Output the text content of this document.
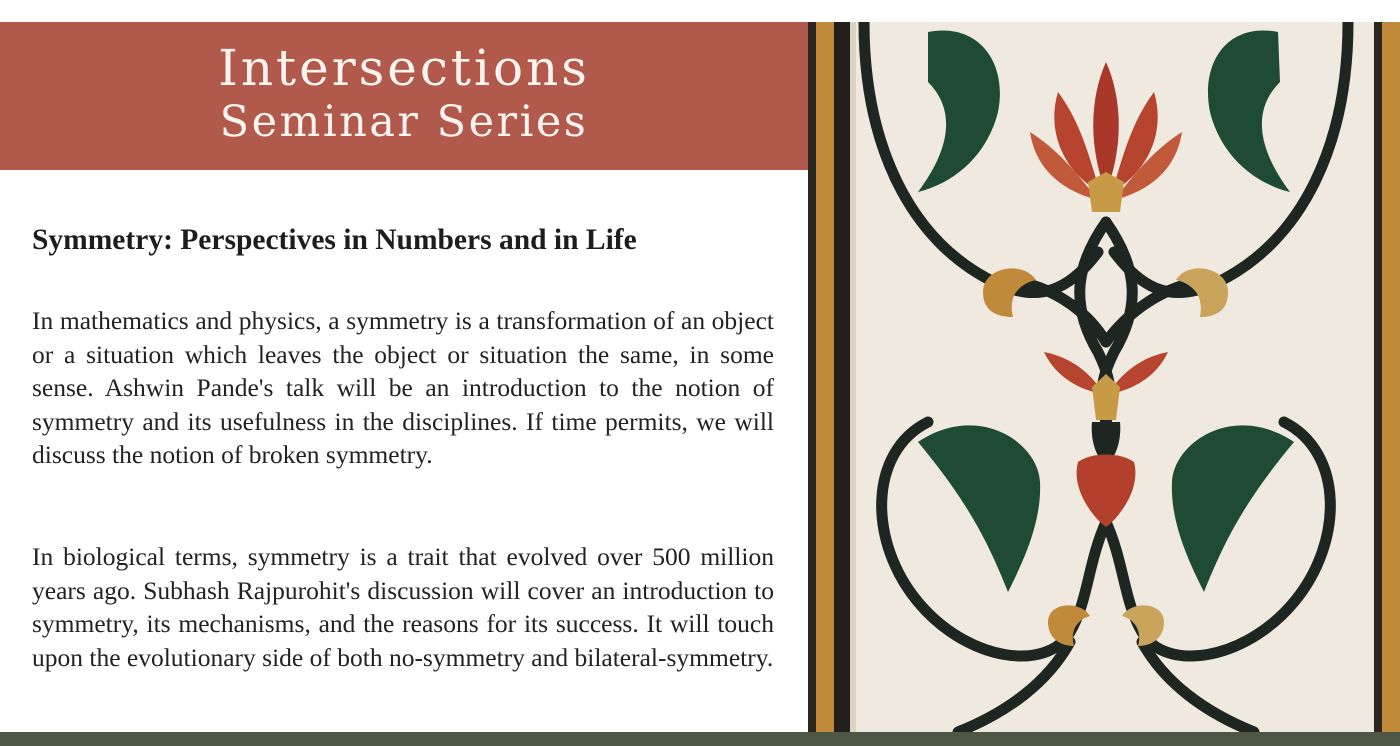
Intersections
Seminar Series
Symmetry: Perspectives in Numbers and in Life

In mathematics and physics, a symmetry is a transformation of an object or a situation which leaves the object or situation the same, in some sense. Ashwin Pande's talk will be an introduction to the notion of symmetry and its usefulness in the disciplines. If time permits, we will discuss the notion of broken symmetry.

In biological terms, symmetry is a trait that evolved over 500 million years ago. Subhash Rajpurohit's discussion will cover an introduction to symmetry, its mechanisms, and the reasons for its success. It will touch upon the evolutionary side of both no-symmetry and bilateral-symmetry.
